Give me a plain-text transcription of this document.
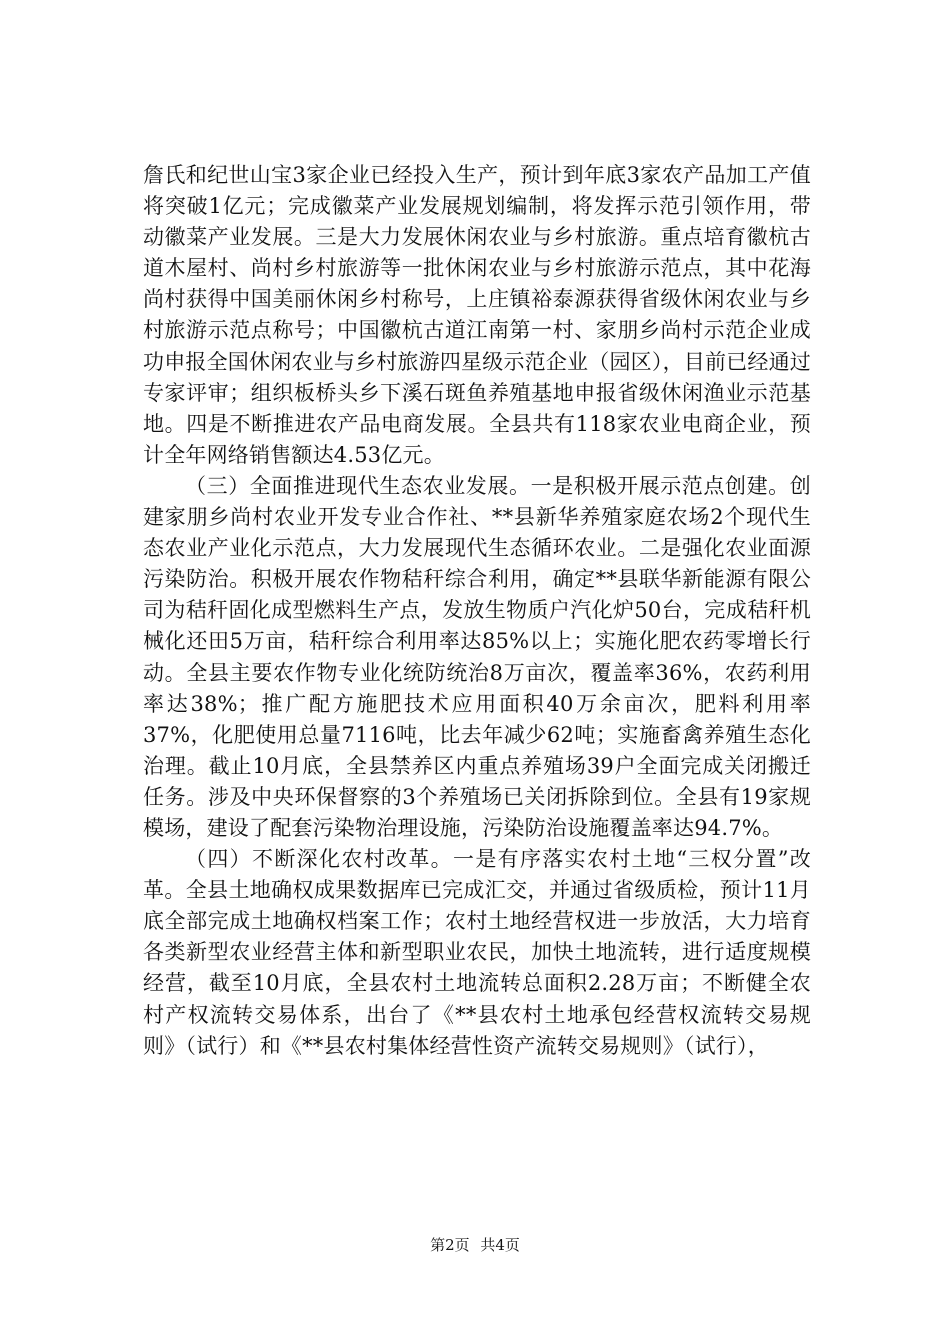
詹氏和纪世山宝3家企业已经投入生产，预计到年底3家农产品加工产值将突破1亿元；完成徽菜产业发展规划编制，将发挥示范引领作用，带动徽菜产业发展。三是大力发展休闲农业与乡村旅游。重点培育徽杭古道木屋村、尚村乡村旅游等一批休闲农业与乡村旅游示范点，其中花海尚村获得中国美丽休闲乡村称号，上庄镇裕泰源获得省级休闲农业与乡村旅游示范点称号；中国徽杭古道江南第一村、家朋乡尚村示范企业成功申报全国休闲农业与乡村旅游四星级示范企业（园区），目前已经通过专家评审；组织板桥头乡下溪石斑鱼养殖基地申报省级休闲渔业示范基地。四是不断推进农产品电商发展。全县共有118家农业电商企业，预计全年网络销售额达4.53亿元。

（三）全面推进现代生态农业发展。一是积极开展示范点创建。创建家朋乡尚村农业开发专业合作社、**县新华养殖家庭农场2个现代生态农业产业化示范点，大力发展现代生态循环农业。二是强化农业面源污染防治。积极开展农作物秸秆综合利用，确定**县联华新能源有限公司为秸秆固化成型燃料生产点，发放生物质户汽化炉50台，完成秸秆机械化还田5万亩，秸秆综合利用率达85%以上；实施化肥农药零增长行动。全县主要农作物专业化统防统治8万亩次，覆盖率36%，农药利用率达38%；推广配方施肥技术应用面积40万余亩次，肥料利用率37%，化肥使用总量7116吨，比去年减少62吨；实施畜禽养殖生态化治理。截止10月底，全县禁养区内重点养殖场39户全面完成关闭搬迁任务。涉及中央环保督察的3个养殖场已关闭拆除到位。全县有19家规模场，建设了配套污染物治理设施，污染防治设施覆盖率达94.7%。

（四）不断深化农村改革。一是有序落实农村土地“三权分置”改革。全县土地确权成果数据库已完成汇交，并通过省级质检，预计11月底全部完成土地确权档案工作；农村土地经营权进一步放活，大力培育各类新型农业经营主体和新型职业农民，加快土地流转，进行适度规模经营，截至10月底，全县农村土地流转总面积2.28万亩；不断健全农村产权流转交易体系，出台了《**县农村土地承包经营权流转交易规则》（试行）和《**县农村集体经营性资产流转交易规则》（试行），

第2页 共4页
